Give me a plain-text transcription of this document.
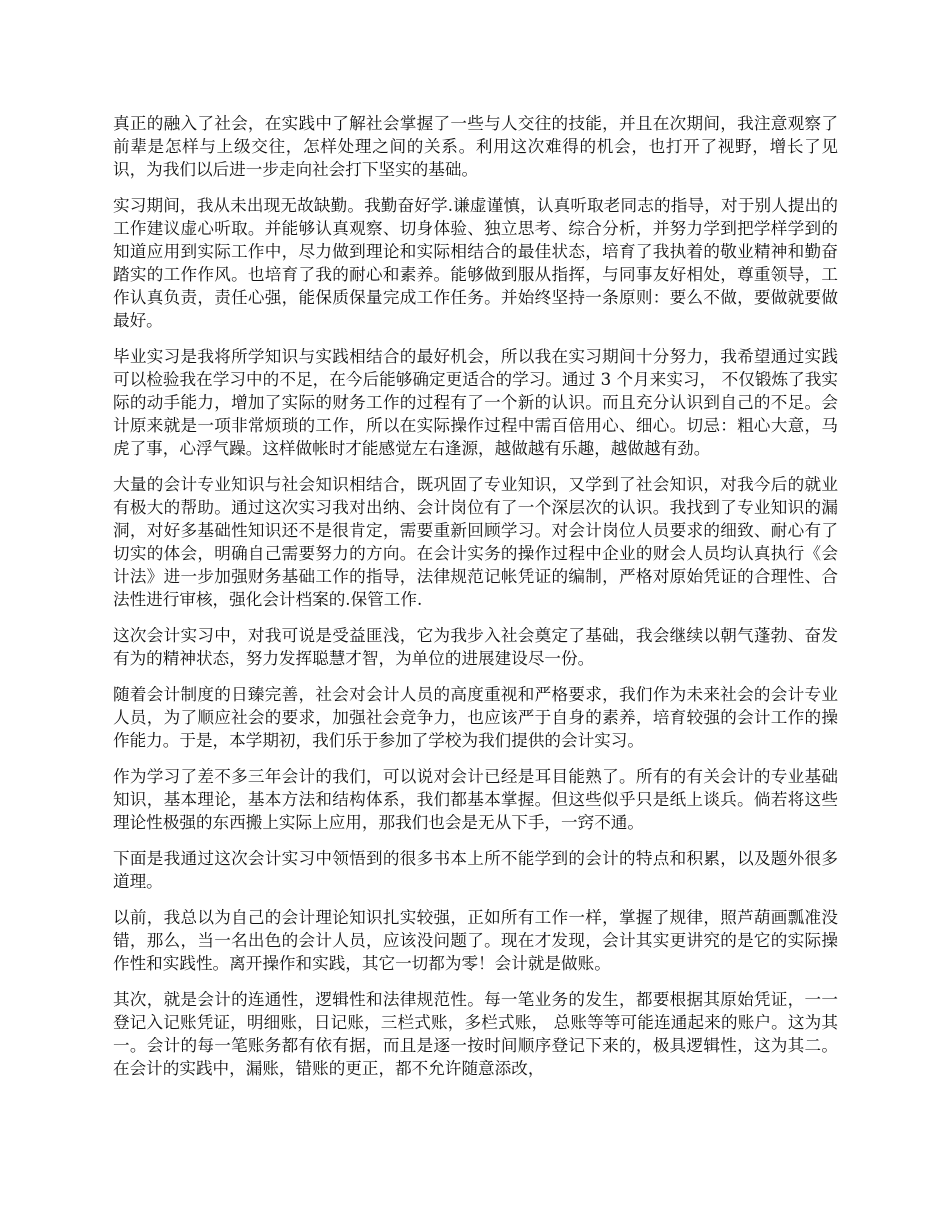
真正的融入了社会，在实践中了解社会掌握了一些与人交往的技能，并且在次期间，我注意观察了前辈是怎样与上级交往，怎样处理之间的关系。利用这次难得的机会，也打开了视野，增长了见识，为我们以后进一步走向社会打下坚实的基础。

实习期间，我从未出现无故缺勤。我勤奋好学.谦虚谨慎，认真听取老同志的指导，对于别人提出的工作建议虚心听取。并能够认真观察、切身体验、独立思考、综合分析，并努力学到把学样学到的知道应用到实际工作中，尽力做到理论和实际相结合的最佳状态，培育了我执着的敬业精神和勤奋踏实的工作作风。也培育了我的耐心和素养。能够做到服从指挥，与同事友好相处，尊重领导，工作认真负责，责任心强，能保质保量完成工作任务。并始终坚持一条原则：要么不做，要做就要做最好。

毕业实习是我将所学知识与实践相结合的最好机会，所以我在实习期间十分努力，我希望通过实践可以检验我在学习中的不足，在今后能够确定更适合的学习。通过 3 个月来实习， 不仅锻炼了我实际的动手能力，增加了实际的财务工作的过程有了一个新的认识。而且充分认识到自己的不足。会计原来就是一项非常烦琐的工作，所以在实际操作过程中需百倍用心、细心。切忌：粗心大意，马虎了事，心浮气躁。这样做帐时才能感觉左右逢源，越做越有乐趣，越做越有劲。

大量的会计专业知识与社会知识相结合，既巩固了专业知识，又学到了社会知识，对我今后的就业有极大的帮助。通过这次实习我对出纳、会计岗位有了一个深层次的认识。我找到了专业知识的漏洞，对好多基础性知识还不是很肯定，需要重新回顾学习。对会计岗位人员要求的细致、耐心有了切实的体会，明确自己需要努力的方向。在会计实务的操作过程中企业的财会人员均认真执行《会计法》进一步加强财务基础工作的指导，法律规范记帐凭证的编制，严格对原始凭证的合理性、合法性进行审核，强化会计档案的.保管工作.

这次会计实习中，对我可说是受益匪浅，它为我步入社会奠定了基础，我会继续以朝气蓬勃、奋发有为的精神状态，努力发挥聪慧才智，为单位的进展建设尽一份。

随着会计制度的日臻完善，社会对会计人员的高度重视和严格要求，我们作为未来社会的会计专业人员，为了顺应社会的要求，加强社会竞争力，也应该严于自身的素养，培育较强的会计工作的操作能力。于是，本学期初，我们乐于参加了学校为我们提供的会计实习。

作为学习了差不多三年会计的我们，可以说对会计已经是耳目能熟了。所有的有关会计的专业基础知识，基本理论，基本方法和结构体系，我们都基本掌握。但这些似乎只是纸上谈兵。倘若将这些理论性极强的东西搬上实际上应用，那我们也会是无从下手，一窍不通。

下面是我通过这次会计实习中领悟到的很多书本上所不能学到的会计的特点和积累，以及题外很多道理。

以前，我总以为自己的会计理论知识扎实较强，正如所有工作一样，掌握了规律，照芦葫画瓢准没错，那么，当一名出色的会计人员，应该没问题了。现在才发现，会计其实更讲究的是它的实际操作性和实践性。离开操作和实践，其它一切都为零！会计就是做账。

其次，就是会计的连通性，逻辑性和法律规范性。每一笔业务的发生，都要根据其原始凭证，一一登记入记账凭证，明细账，日记账，三栏式账，多栏式账， 总账等等可能连通起来的账户。这为其一。会计的每一笔账务都有依有据，而且是逐一按时间顺序登记下来的，极具逻辑性，这为其二。在会计的实践中，漏账，错账的更正，都不允许随意添改，
